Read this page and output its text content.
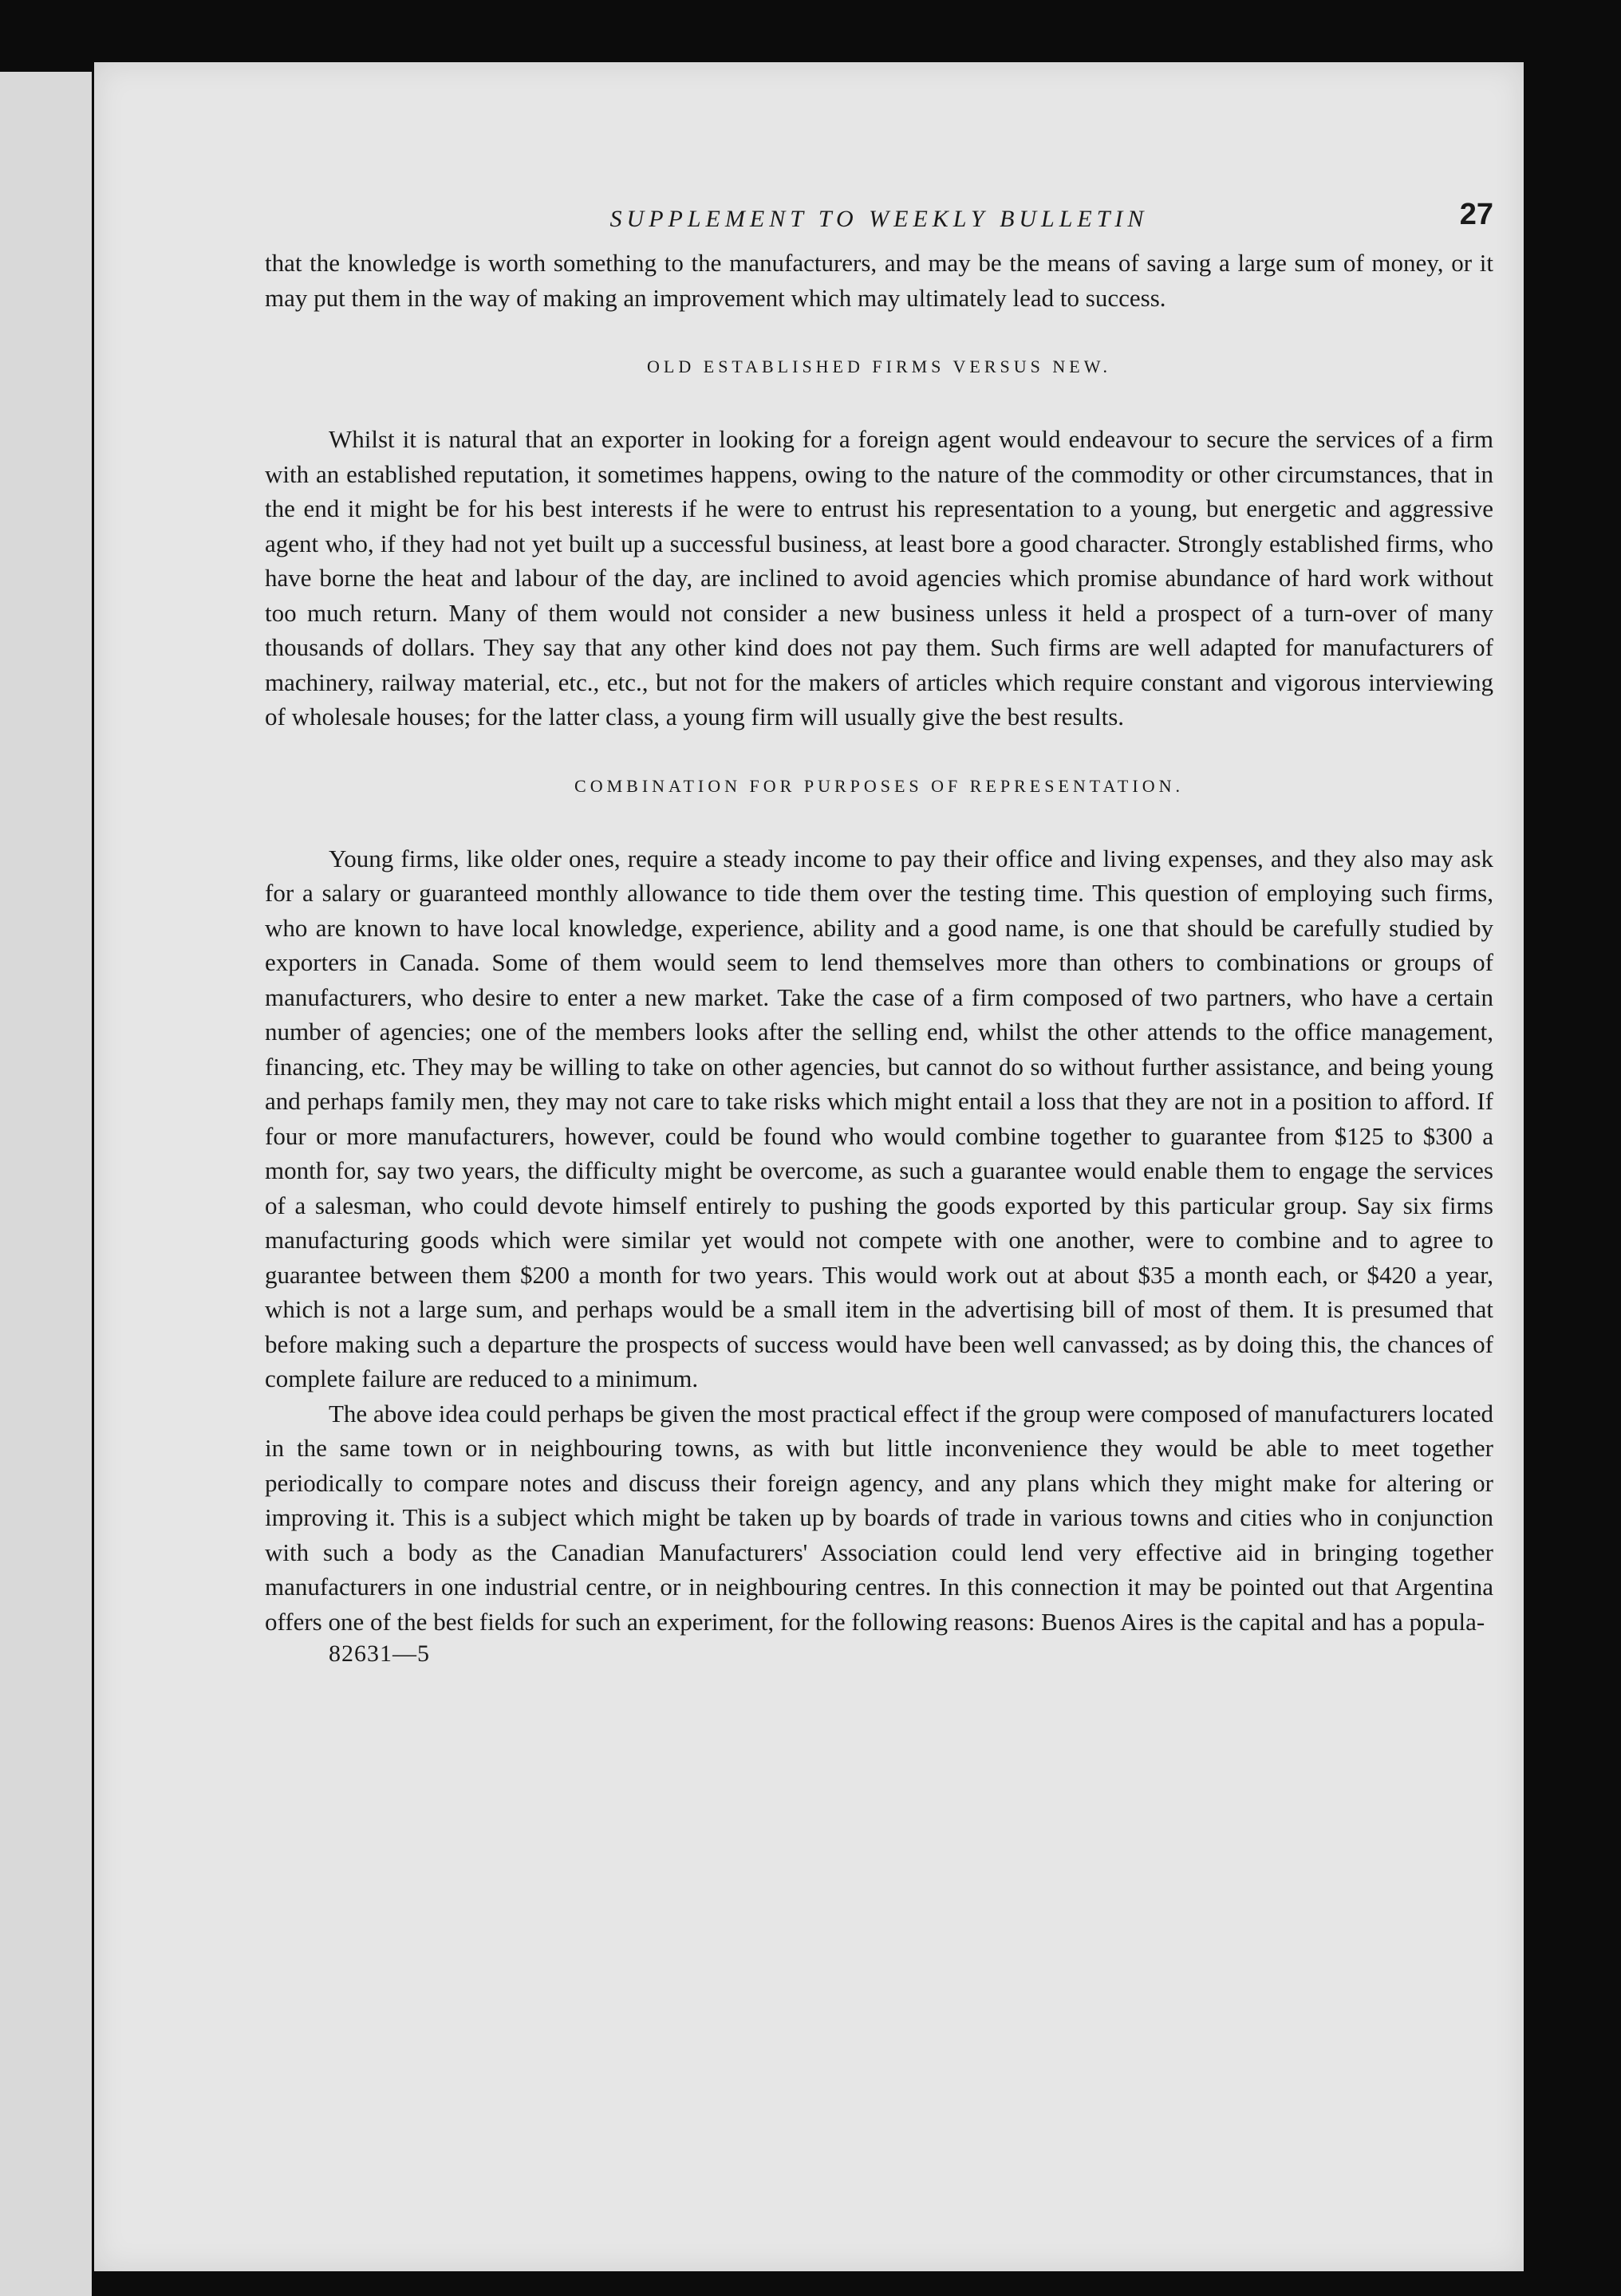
SUPPLEMENT TO WEEKLY BULLETIN	27

that the knowledge is worth something to the manufacturers, and may be the means of saving a large sum of money, or it may put them in the way of making an improvement which may ultimately lead to success.

OLD ESTABLISHED FIRMS VERSUS NEW.

Whilst it is natural that an exporter in looking for a foreign agent would endeavour to secure the services of a firm with an established reputation, it sometimes happens, owing to the nature of the commodity or other circumstances, that in the end it might be for his best interests if he were to entrust his representation to a young, but energetic and aggressive agent who, if they had not yet built up a successful business, at least bore a good character. Strongly established firms, who have borne the heat and labour of the day, are inclined to avoid agencies which promise abundance of hard work without too much return. Many of them would not consider a new business unless it held a prospect of a turn-over of many thousands of dollars. They say that any other kind does not pay them. Such firms are well adapted for manufacturers of machinery, railway material, etc., etc., but not for the makers of articles which require constant and vigorous interviewing of wholesale houses; for the latter class, a young firm will usually give the best results.

COMBINATION FOR PURPOSES OF REPRESENTATION.

Young firms, like older ones, require a steady income to pay their office and living expenses, and they also may ask for a salary or guaranteed monthly allowance to tide them over the testing time. This question of employing such firms, who are known to have local knowledge, experience, ability and a good name, is one that should be carefully studied by exporters in Canada. Some of them would seem to lend themselves more than others to combinations or groups of manufacturers, who desire to enter a new market. Take the case of a firm composed of two partners, who have a certain number of agencies; one of the members looks after the selling end, whilst the other attends to the office management, financing, etc. They may be willing to take on other agencies, but cannot do so without further assistance, and being young and perhaps family men, they may not care to take risks which might entail a loss that they are not in a position to afford. If four or more manufacturers, however, could be found who would combine together to guarantee from $125 to $300 a month for, say two years, the difficulty might be overcome, as such a guarantee would enable them to engage the services of a salesman, who could devote himself entirely to pushing the goods exported by this particular group. Say six firms manufacturing goods which were similar yet would not compete with one another, were to combine and to agree to guarantee between them $200 a month for two years. This would work out at about $35 a month each, or $420 a year, which is not a large sum, and perhaps would be a small item in the advertising bill of most of them. It is presumed that before making such a departure the prospects of success would have been well canvassed; as by doing this, the chances of complete failure are reduced to a minimum.

The above idea could perhaps be given the most practical effect if the group were composed of manufacturers located in the same town or in neighbouring towns, as with but little inconvenience they would be able to meet together periodically to compare notes and discuss their foreign agency, and any plans which they might make for altering or improving it. This is a subject which might be taken up by boards of trade in various towns and cities who in conjunction with such a body as the Canadian Manufacturers' Association could lend very effective aid in bringing together manufacturers in one industrial centre, or in neighbouring centres. In this connection it may be pointed out that Argentina offers one of the best fields for such an experiment, for the following reasons: Buenos Aires is the capital and has a popula-

82631—5
